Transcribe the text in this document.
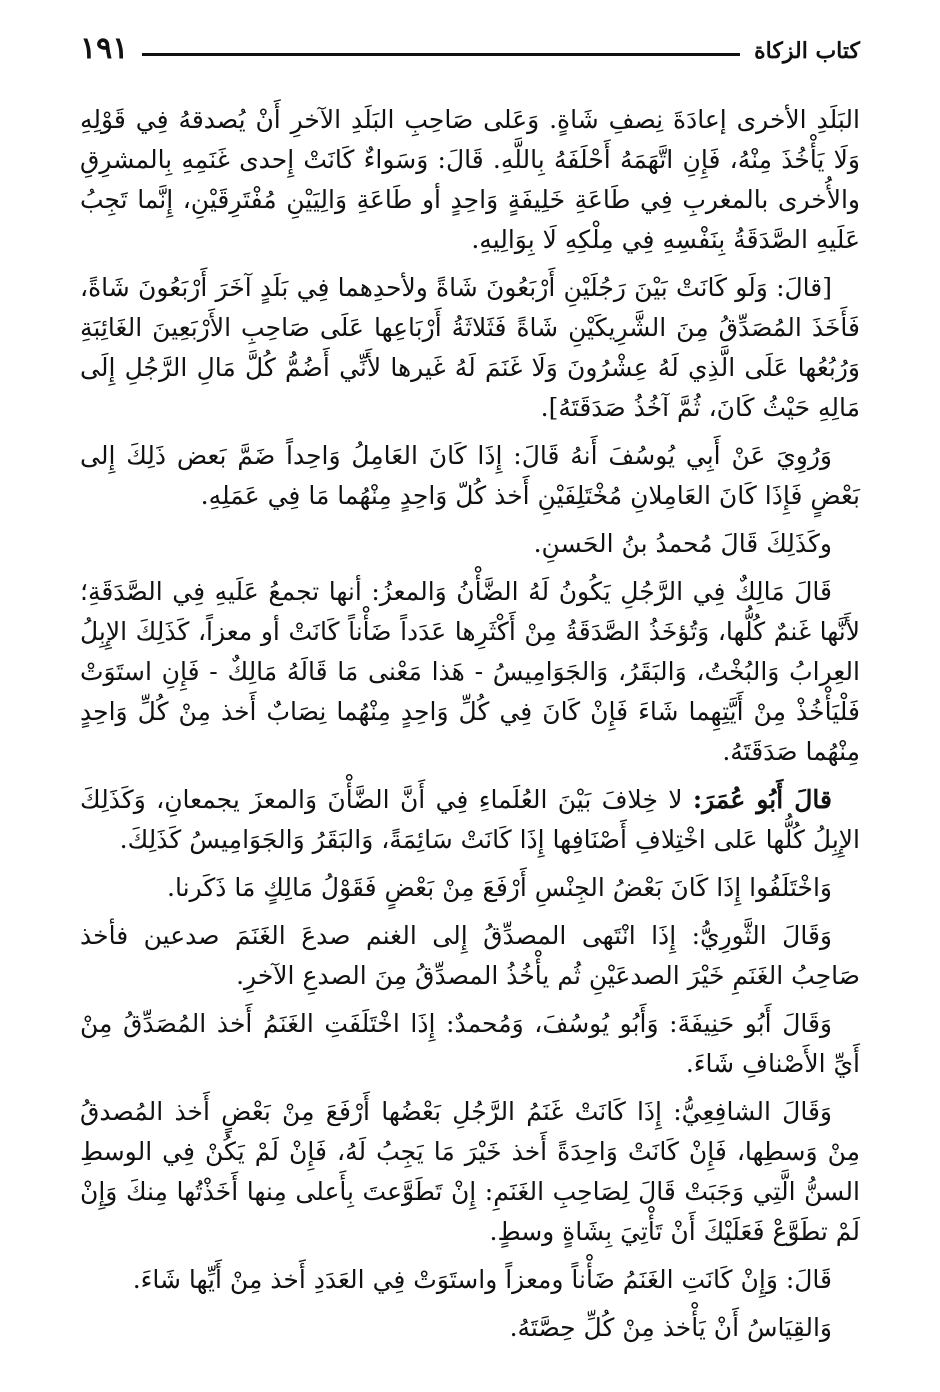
كتاب الزكاة
١٩١

البَلَدِ الأخرى إعادَةَ نِصفِ شَاةٍ. وَعَلى صَاحِبِ البَلَدِ الآخرِ أَنْ يُصدقهُ فِي قَوْلِهِ وَلَا يَأْخُذَ مِنْهُ، فَإِنِ اتَّهَمَهُ أَحْلَفَهُ بِاللَّهِ. قَالَ: وَسَواءٌ كَانَتْ إِحدى غَنَمِهِ بِالمشرِقِ والأُخرى بالمغربِ فِي طَاعَةِ خَلِيفَةٍ وَاحِدٍ أو طَاعَةِ وَالِيَيْنِ مُفْتَرِقَيْنِ، إِنَّما تَجِبُ عَلَيهِ الصَّدَقَةُ بِنَفْسِهِ فِي مِلْكِهِ لَا بِوَالِيهِ.

[قالَ: وَلَو كَانَتْ بَيْنَ رَجُلَيْنِ أَرْبَعُونَ شَاةً ولأحدِهما فِي بَلَدٍ آخَرَ أَرْبَعُونَ شَاةً، فَأَخَذَ المُصَدِّقُ مِنَ الشَّرِيكَيْنِ شَاةً فَثَلاثَةُ أَرْبَاعِها عَلَى صَاحِبِ الأَرْبَعِينَ الغَائِبَةِ وَرُبُعُها عَلَى الَّذِي لَهُ عِشْرُونَ وَلَا غَنَمَ لَهُ غَيرها لأَنِّي أَضُمُّ كُلَّ مَالِ الرَّجُلِ إِلَى مَالِهِ حَيْثُ كَانَ، ثُمَّ آخُذُ صَدَقَتَهُ].

وَرُوِيَ عَنْ أَبِي يُوسُفَ أَنهُ قَالَ: إِذَا كَانَ العَامِلُ وَاحِداً ضَمَّ بَعض ذَلِكَ إِلى بَعْضٍ فَإِذَا كَانَ العَامِلانِ مُخْتَلِفَيْنِ أَخذ كُلّ وَاحِدٍ مِنْهُما مَا فِي عَمَلِهِ.

وكَذَلِكَ قَالَ مُحمدُ بنُ الحَسنِ.

قَالَ مَالِكٌ فِي الرَّجُلِ يَكُونُ لَهُ الضَّأْنُ وَالمعزُ: أنها تجمعُ عَلَيهِ فِي الصَّدَقَةِ؛ لأَنَّها غَنمٌ كُلُّها، وَتُؤخَذُ الصَّدَقَةُ مِنْ أَكْثَرِها عَدَداً ضَأْناً كَانَتْ أو معزاً، كَذَلِكَ الإِبِلُ العِرابُ وَالبُخْتُ، وَالبَقَرُ، وَالجَوَامِيسُ - هَذا مَعْنى مَا قَالَهُ مَالِكٌ - فَإِنِ استَوَتْ فَلْيَأْخُذْ مِنْ أَيَّتِهِما شَاءَ فَإِنْ كَانَ فِي كُلِّ وَاحِدٍ مِنْهُما نِصَابٌ أَخذ مِنْ كُلِّ وَاحِدٍ مِنْهُما صَدَقَتَهُ.

قالَ أَبُو عُمَرَ: لا خِلافَ بَيْنَ العُلَماءِ فِي أَنَّ الضَّأْنَ وَالمعزَ يجمعانِ، وَكَذَلِكَ الإِبِلُ كُلُّها عَلى اخْتِلافِ أَصْنَافِها إِذَا كَانَتْ سَائِمَةً، وَالبَقَرُ وَالجَوَامِيسُ كَذَلِكَ.

وَاخْتَلَفُوا إِذَا كَانَ بَعْضُ الجِنْسِ أَرْفَعَ مِنْ بَعْضٍ فَقَوْلُ مَالِكٍ مَا ذَكَرنا.

وَقَالَ الثَّورِيُّ: إِذَا انْتَهى المصدِّقُ إِلى الغنم صدعَ الغَنَمَ صدعين فأخذ صَاحِبُ الغَنَمِ خَيْرَ الصدعَيْنِ ثُم يأْخُذُ المصدِّقُ مِنَ الصدعِ الآخرِ.

وَقَالَ أَبُو حَنِيفَةَ: وَأَبُو يُوسُفَ، وَمُحمدٌ: إِذَا اخْتَلَفَتِ الغَنَمُ أَخذ المُصَدِّقُ مِنْ أَيِّ الأَصْنافِ شَاءَ.

وَقَالَ الشافِعِيُّ: إِذَا كَانَتْ غَنَمُ الرَّجُلِ بَعْضُها أَرْفَعَ مِنْ بَعْضٍ أَخذ المُصدقُ مِنْ وَسطِها، فَإِنْ كَانَتْ وَاحِدَةً أَخذ خَيْرَ مَا يَجِبُ لَهُ، فَإِنْ لَمْ يَكُنْ فِي الوسطِ السنُّ الَّتِي وَجَبَتْ قَالَ لِصَاحِبِ الغَنَمِ: إِنْ تَطَوَّعتَ بِأَعلى مِنها أَخَذْتُها مِنكَ وَإِنْ لَمْ تطَوَّعْ فَعَلَيْكَ أَنْ تَأْتِيَ بِشَاةٍ وسطٍ.

قَالَ: وَإِنْ كَانَتِ الغَنَمُ ضَأْناً ومعزاً واستَوَتْ فِي العَدَدِ أَخذ مِنْ أَيِّها شَاءَ.

وَالقِيَاسُ أَنْ يَأْخذ مِنْ كُلِّ حِصَّتَهُ.
